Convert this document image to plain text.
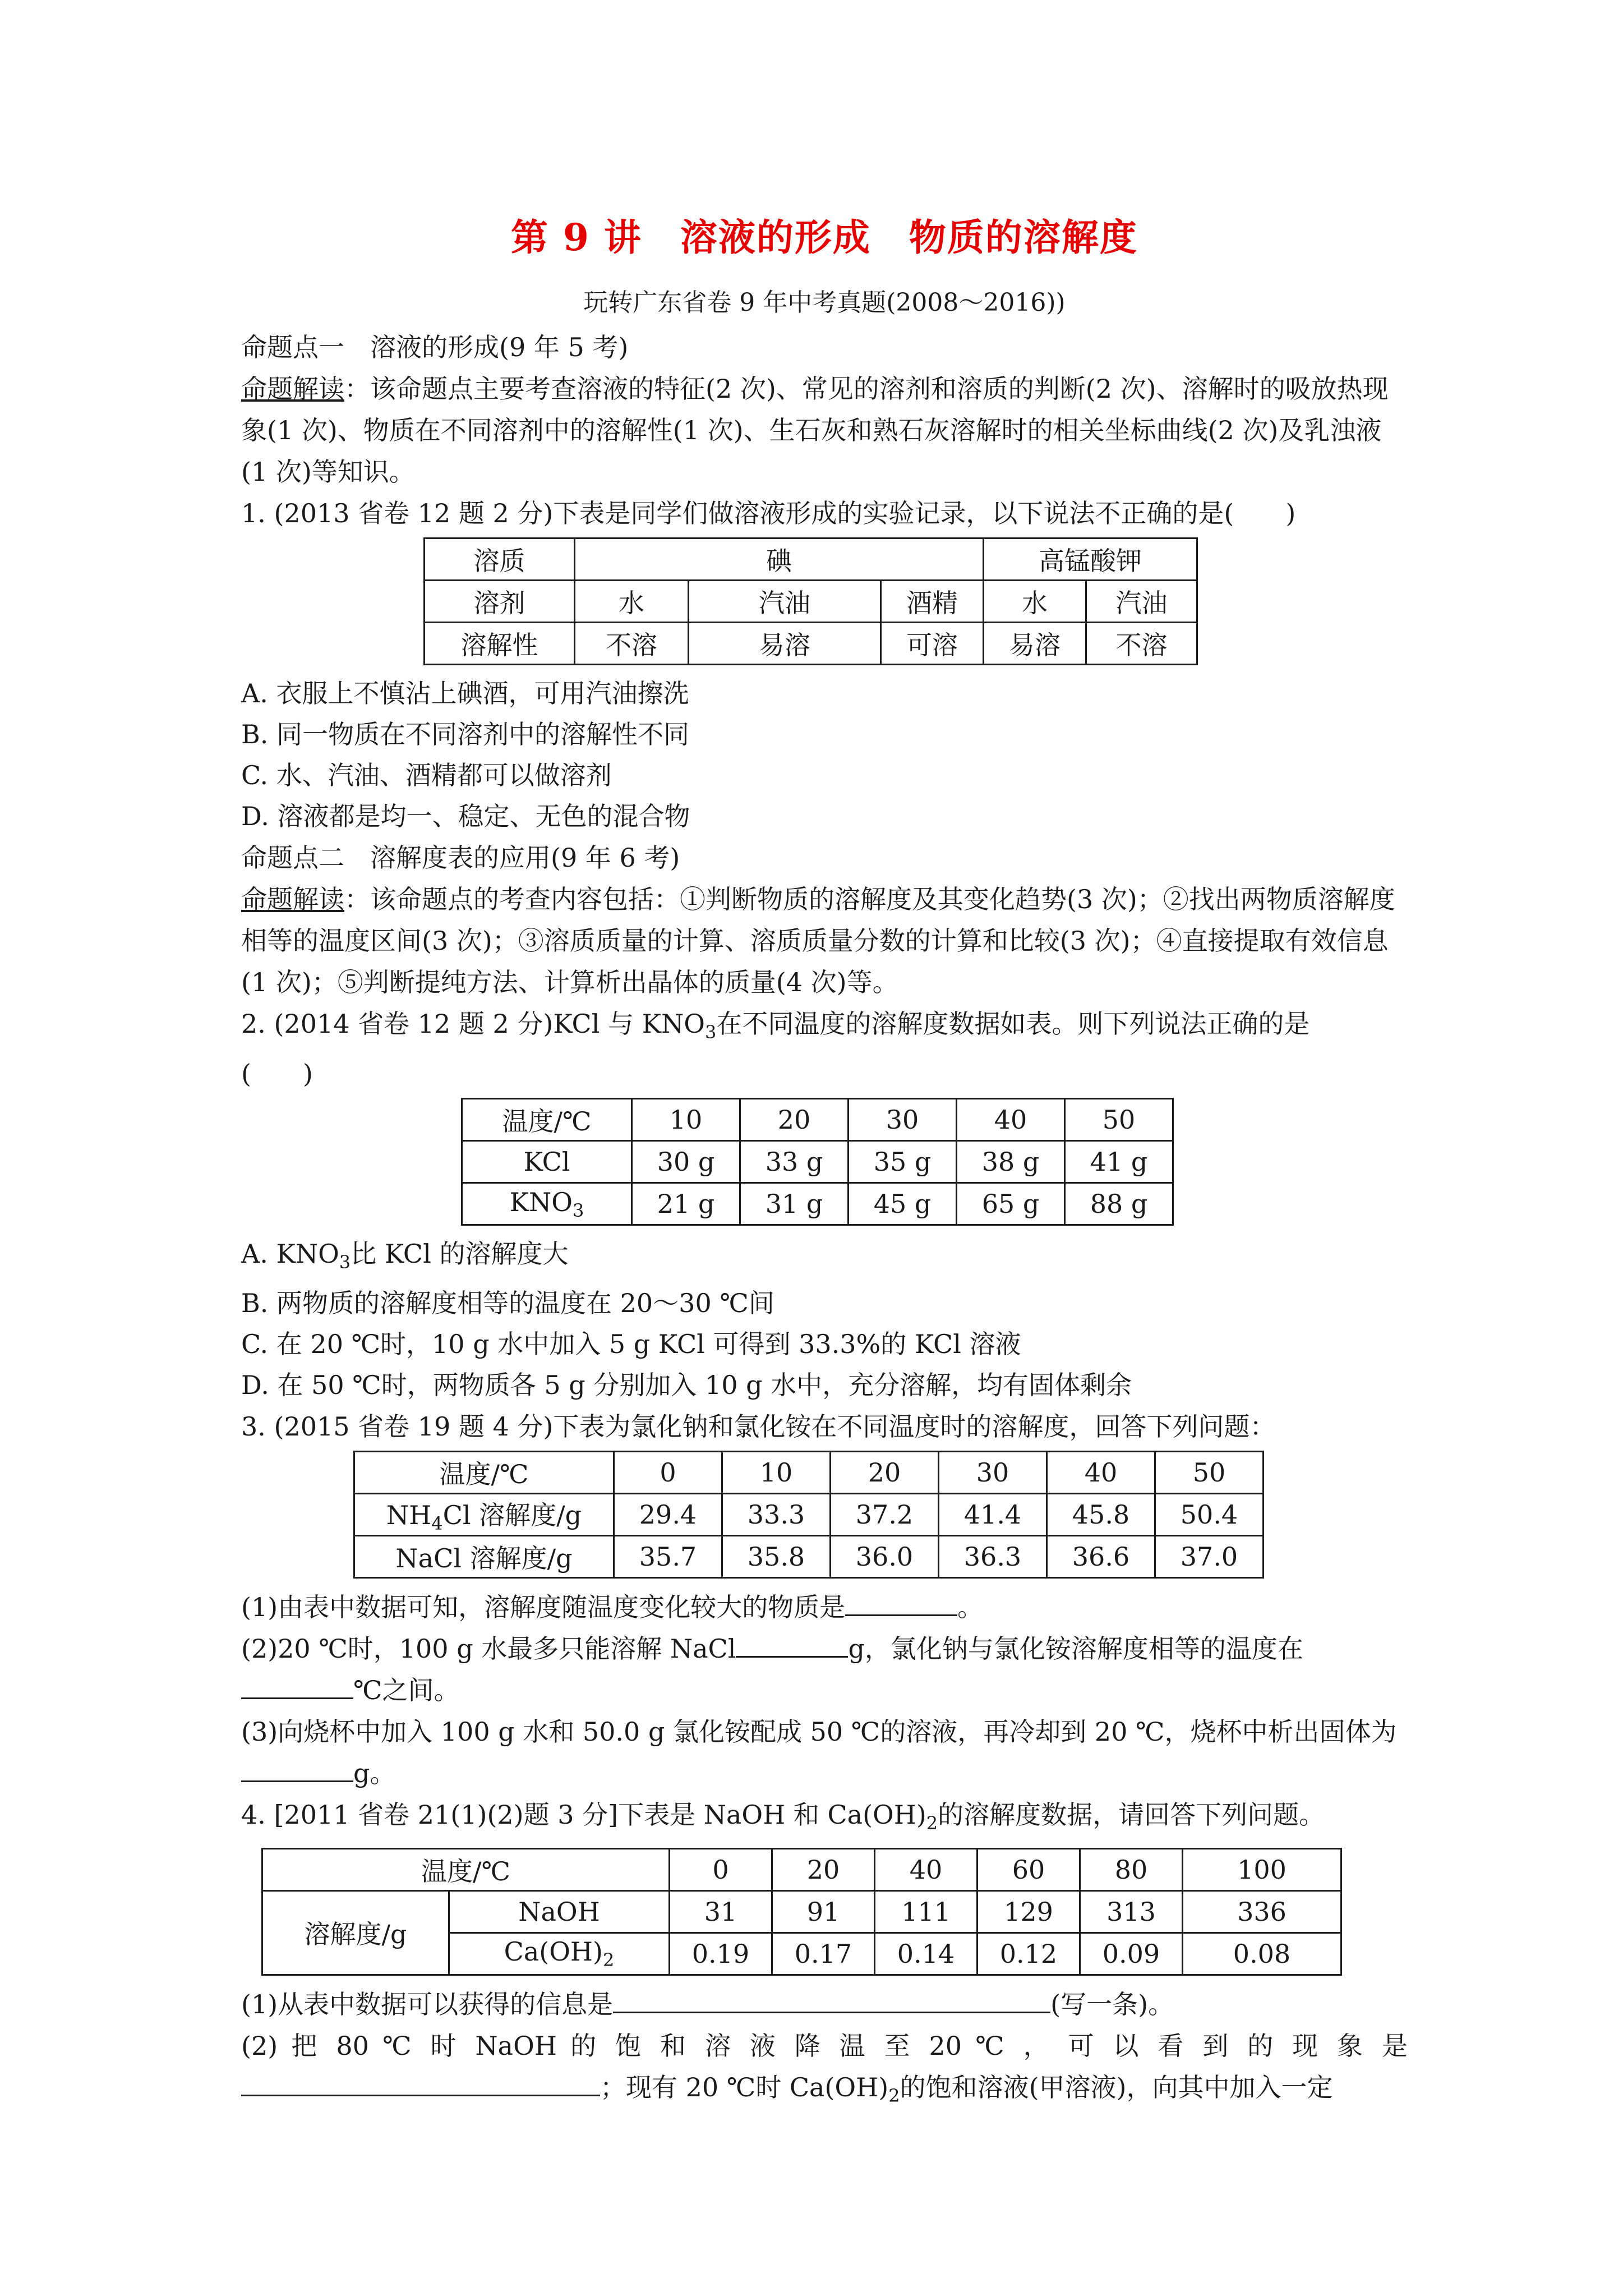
第 9 讲　溶液的形成　物质的溶解度
玩转广东省卷 9 年中考真题(2008～2016))

命题点一　溶液的形成(9 年 5 考)

命题解读：该命题点主要考查溶液的特征(2 次)、常见的溶剂和溶质的判断(2 次)、溶解时的吸放热现象(1 次)、物质在不同溶剂中的溶解性(1 次)、生石灰和熟石灰溶解时的相关坐标曲线(2 次)及乳浊液(1 次)等知识。

1. (2013 省卷 12 题 2 分)下表是同学们做溶液形成的实验记录，以下说法不正确的是(　　)

溶质	碘			高锰酸钾	
溶剂	水	汽油	酒精	水	汽油
溶解性	不溶	易溶	可溶	易溶	不溶

A. 衣服上不慎沾上碘酒，可用汽油擦洗

B. 同一物质在不同溶剂中的溶解性不同

C. 水、汽油、酒精都可以做溶剂

D. 溶液都是均一、稳定、无色的混合物

命题点二　溶解度表的应用(9 年 6 考)

命题解读：该命题点的考查内容包括：①判断物质的溶解度及其变化趋势(3 次)；②找出两物质溶解度相等的温度区间(3 次)；③溶质质量的计算、溶质质量分数的计算和比较(3 次)；④直接提取有效信息(1 次)；⑤判断提纯方法、计算析出晶体的质量(4 次)等。

2. (2014 省卷 12 题 2 分)KCl 与 $KNO_3$在不同温度的溶解度数据如表。则下列说法正确的是

(　　)

温度/℃	10	20	30	40	50
KCl	30 g	33 g	35 g	38 g	41 g
$KNO_3$	21 g	31 g	45 g	65 g	88 g

A. $KNO_3$比 KCl 的溶解度大

B. 两物质的溶解度相等的温度在 20～30 ℃间

C. 在 20 ℃时，10 g 水中加入 5 g KCl 可得到 33.3%的 KCl 溶液

D. 在 50 ℃时，两物质各 5 g 分别加入 10 g 水中，充分溶解，均有固体剩余

3. (2015 省卷 19 题 4 分)下表为氯化钠和氯化铵在不同温度时的溶解度，回答下列问题：

温度/℃	0	10	20	30	40	50
$NH_4Cl$ 溶解度/g	29.4	33.3	37.2	41.4	45.8	50.4
NaCl 溶解度/g	35.7	35.8	36.0	36.3	36.6	37.0

(1)由表中数据可知，溶解度随温度变化较大的物质是	。

(2)20 ℃时，100 g 水最多只能溶解 NaCl	g，氯化钠与氯化铵溶解度相等的温度在

℃之间。

(3)向烧杯中加入 100 g 水和 50.0 g 氯化铵配成 50 ℃的溶液，再冷却到 20 ℃，烧杯中析出固体为g。

4. [2011 省卷 21(1)(2)题 3 分]下表是 NaOH 和 $Ca(OH)_2$的溶解度数据，请回答下列问题。

温度/℃		0	20	40	60	80	100
溶解度/g	NaOH	31	91	111	129	313	336
	$Ca(OH)_2$	0.19	0.17	0.14	0.12	0.09	0.08

(1)从表中数据可以获得的信息是	(写一条)。

(2) 把 80 ℃ 时 NaOH 的 饱 和 溶 液 降 温 至 20 ℃ ， 可 以 看 到 的 现 象 是

；现有 20 ℃时 $Ca(OH)_2$的饱和溶液(甲溶液)，向其中加入一定
